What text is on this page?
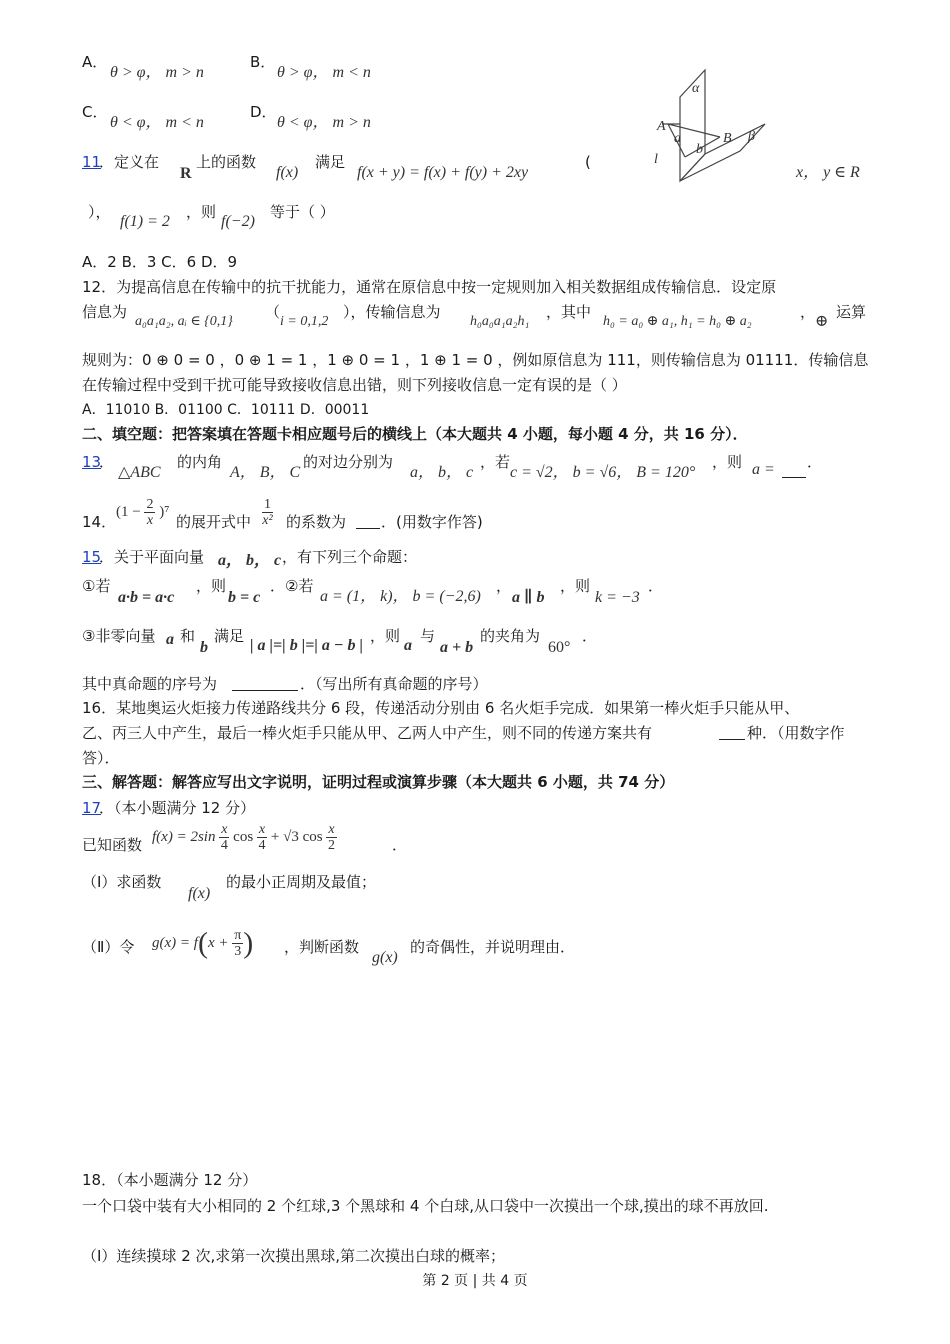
A．
θ > φ， m > n
B．
θ > φ， m < n
C．
θ < φ， m < n
D．
θ < φ， m > n
α
β
A
B
a
b
l
11
．定义在
R
上的函数
f(x)
满足
f(x + y) = f(x) + f(y) + 2xy
(
x， y ∈ R
），
f(1) = 2
，则
f(−2)
等于（ ）
A．2 B．3 C．6 D．9
12．为提高信息在传输中的抗干扰能力，通常在原信息中按一定规则加入相关数据组成传输信息．设定原
信息为
a₀a₁a₂, aᵢ ∈ {0,1}
（
i = 0,1,2
），传输信息为
h₀a₀a₁a₂h₁
，其中
h₀ = a₀ ⊕ a₁, h₁ = h₀ ⊕ a₂
，
⊕
运算
规则为：0 ⊕ 0 = 0 ，0 ⊕ 1 = 1 ，1 ⊕ 0 = 1 ，1 ⊕ 1 = 0 ，例如原信息为 111，则传输信息为 01111．传输信息
在传输过程中受到干扰可能导致接收信息出错，则下列接收信息一定有误的是（ ）
A．11010 B．01100 C．10111 D．00011
二、填空题：把答案填在答题卡相应题号后的横线上（本大题共 4 小题，每小题 4 分，共 16 分）．
13
．
△ABC
的内角
A， B， C
的对边分别为
a， b， c
，若
c = √2， b = √6， B = 120°
，则 a = ．
14．
$(1 - \frac{2}{x} )^7$
的展开式中 $\frac{1}{\text{x²}}$ 的系数为 ．(用数字作答)
15
．关于平面向量 a， b， c ，有下列三个命题：
①若
a·b = a·c
，则
b = c
．②若
a = (1， k)， b = (−2,6)
，
a ∥ b
，则
k = −3
．
③非零向量 a 和
b
满足
| a |=| b |=| a − b |
，则
a
与
a + b
的夹角为
60°
．
其中真命题的序号为	．（写出所有真命题的序号）
16．某地奥运火炬接力传递路线共分 6 段，传递活动分别由 6 名火炬手完成．如果第一棒火炬手只能从甲、
乙、丙三人中产生，最后一棒火炬手只能从甲、乙两人中产生，则不同的传递方案共有	种．（用数字作
答）．
三、解答题：解答应写出文字说明，证明过程或演算步骤（本大题共 6 小题，共 74 分）
17
．（本小题满分 12 分）
已知函数 $f(x) = 2\sin \frac{x}{4}$ $\cos \frac{x}{4} + √3$ $\cos \frac{x}{2}$	．
（Ⅰ）求函数
f(x)
的最小正周期及最值；
（Ⅱ）令 $g(x) = f(x + \frac{\pi}{3}$ ) ，判断函数
g(x)
的奇偶性，并说明理由．
18．（本小题满分 12 分）
一个口袋中装有大小相同的 2 个红球,3 个黑球和 4 个白球,从口袋中一次摸出一个球,摸出的球不再放回.
（Ⅰ）连续摸球 2 次,求第一次摸出黑球,第二次摸出白球的概率；
第 2 页 | 共 4 页
